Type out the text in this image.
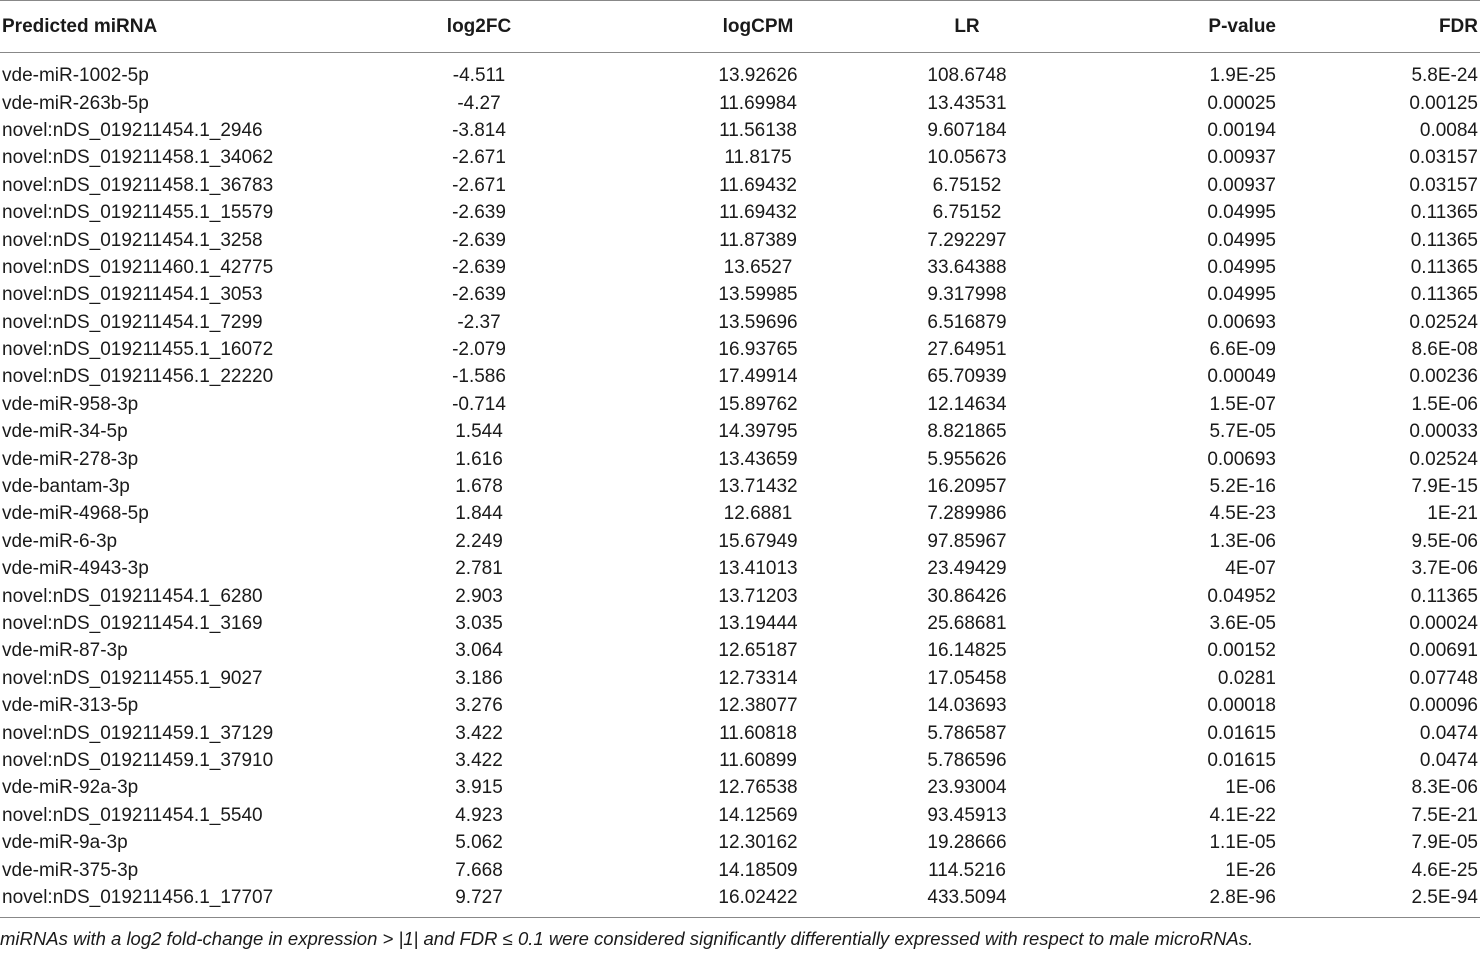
Predicted miRNA	log2FC	logCPM	LR	P-value	FDR
vde-miR-1002-5p	-4.511	13.92626	108.6748	1.9E-25	5.8E-24
vde-miR-263b-5p	-4.27	11.69984	13.43531	0.00025	0.00125
novel:nDS_019211454.1_2946	-3.814	11.56138	9.607184	0.00194	0.0084
novel:nDS_019211458.1_34062	-2.671	11.8175	10.05673	0.00937	0.03157
novel:nDS_019211458.1_36783	-2.671	11.69432	6.75152	0.00937	0.03157
novel:nDS_019211455.1_15579	-2.639	11.69432	6.75152	0.04995	0.11365
novel:nDS_019211454.1_3258	-2.639	11.87389	7.292297	0.04995	0.11365
novel:nDS_019211460.1_42775	-2.639	13.6527	33.64388	0.04995	0.11365
novel:nDS_019211454.1_3053	-2.639	13.59985	9.317998	0.04995	0.11365
novel:nDS_019211454.1_7299	-2.37	13.59696	6.516879	0.00693	0.02524
novel:nDS_019211455.1_16072	-2.079	16.93765	27.64951	6.6E-09	8.6E-08
novel:nDS_019211456.1_22220	-1.586	17.49914	65.70939	0.00049	0.00236
vde-miR-958-3p	-0.714	15.89762	12.14634	1.5E-07	1.5E-06
vde-miR-34-5p	1.544	14.39795	8.821865	5.7E-05	0.00033
vde-miR-278-3p	1.616	13.43659	5.955626	0.00693	0.02524
vde-bantam-3p	1.678	13.71432	16.20957	5.2E-16	7.9E-15
vde-miR-4968-5p	1.844	12.6881	7.289986	4.5E-23	1E-21
vde-miR-6-3p	2.249	15.67949	97.85967	1.3E-06	9.5E-06
vde-miR-4943-3p	2.781	13.41013	23.49429	4E-07	3.7E-06
novel:nDS_019211454.1_6280	2.903	13.71203	30.86426	0.04952	0.11365
novel:nDS_019211454.1_3169	3.035	13.19444	25.68681	3.6E-05	0.00024
vde-miR-87-3p	3.064	12.65187	16.14825	0.00152	0.00691
novel:nDS_019211455.1_9027	3.186	12.73314	17.05458	0.0281	0.07748
vde-miR-313-5p	3.276	12.38077	14.03693	0.00018	0.00096
novel:nDS_019211459.1_37129	3.422	11.60818	5.786587	0.01615	0.0474
novel:nDS_019211459.1_37910	3.422	11.60899	5.786596	0.01615	0.0474
vde-miR-92a-3p	3.915	12.76538	23.93004	1E-06	8.3E-06
novel:nDS_019211454.1_5540	4.923	14.12569	93.45913	4.1E-22	7.5E-21
vde-miR-9a-3p	5.062	12.30162	19.28666	1.1E-05	7.9E-05
vde-miR-375-3p	7.668	14.18509	114.5216	1E-26	4.6E-25
novel:nDS_019211456.1_17707	9.727	16.02422	433.5094	2.8E-96	2.5E-94
miRNAs with a log2 fold-change in expression > |1| and FDR ≤ 0.1 were considered significantly differentially expressed with respect to male microRNAs.
